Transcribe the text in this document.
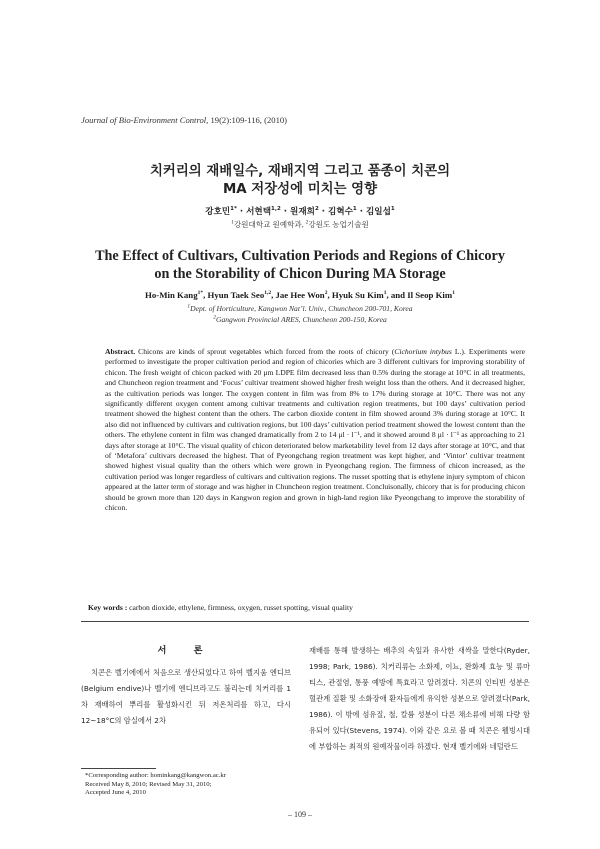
Journal of Bio-Environment Control, 19(2):109-116, (2010)
치커리의 재배일수, 재배지역 그리고 품종이 치콘의
MA 저장성에 미치는 영향
강호민$^{1*}$ · 서현택$^{1,2}$ · 원재희$^2$ · 김혁수$^1$ · 김일섭$^1$
$^1$강원대학교 원예학과, $^2$강원도 농업기술원
The Effect of Cultivars, Cultivation Periods and Regions of Chicory
on the Storability of Chicon During MA Storage
Ho-Min Kang$^{1*}$, Hyun Taek Seo$^{1,2}$, Jae Hee Won$^2$, Hyuk Su Kim$^1$, and Il Seop Kim$^1$
$^1$Dept. of Horticulture, Kangwon Nat’l. Univ., Chuncheon 200-701, Korea
$^2$Gangwon Provincial ARES, Chuncheon 200-150, Korea
Abstract. Chicons are kinds of sprout vegetables which forced from the roots of chicory (Cichorium intybus L.). Experiments were performed to investigate the proper cultivation period and region of chicories which are 3 different cultivars for improving storability of chicon. The fresh weight of chicon packed with 20 μm LDPE film decreased less than 0.5% during the storage at 10°C in all treatments, and Chuncheon region treatment and ‘Focus’ cultivar treatment showed higher fresh weight loss than the others. And it decreased higher, as the cultivation periods was longer. The oxygen content in film was from 8% to 17% during storage at 10°C. There was not any significantly different oxygen content among cultivar treatments and cultivation region treatments, but 100 days’ cultivation period treatment showed the highest content than the others. The carbon dioxide content in film showed around 3% during storage at 10°C. It also did not influenced by cultivars and cultivation regions, but 100 days’ cultivation period treatment showed the lowest content than the others. The ethylene content in film was changed dramatically from 2 to 14 μl · l⁻¹, and it showed around 8 μl · l⁻¹ as approaching to 21 days after storage at 10°C. The visual quality of chicon deteriorated below marketability level from 12 days after storage at 10°C, and that of ‘Metafora’ cultivars decreased the highest. That of Pyeongchang region treatment was kept higher, and ‘Vintor’ cultivar treatment showed highest visual quality than the others which were grown in Pyeongchang region. The firmness of chicon increased, as the cultivation period was longer regardless of cultivars and cultivation regions. The russet spotting that is ethylene injury symptom of chicon appeared at the latter term of storage and was higher in Chuncheon region treatment. Concluisonally, chicory that is for producing chicon should be grown more than 120 days in Kangwon region and grown in high-land region like Pyeongchang to improve the storability of chicon.
Key words : carbon dioxide, ethylene, firmness, oxygen, russet spotting, visual quality
서 론
치콘은 벨기에에서 처음으로 생산되었다고 하여 벨지움 엔디브(Belgium endive)나 벨기에 엔디브라고도 불리는데 치커리를 1차 재배하여 뿌리를 활성화시킨 뒤 저온처리를 하고, 다시 12~18°C의 암실에서 2차
재배를 통해 발생하는 배추의 속잎과 유사한 새싹을 말한다(Ryder, 1998; Park, 1986). 치커리류는 소화제, 이뇨, 완화제 효능 및 류마티스, 관절염, 통풍 예방에 특효라고 알려졌다. 치콘의 인티빈 성분은 혈관계 질환 및 소화장애 환자들에게 유익한 성분으로 알려졌다(Park, 1986). 이 밖에 섬유질, 철, 칼륨 성분이 다른 채소류에 비해 다량 함유되어 있다(Stevens, 1974). 이와 같은 요로 볼 때 치콘은 웰빙시대에 부합하는 최적의 원예작물이라 하겠다. 현재 벨기에와 네덜란드
*Corresponding author: hominkang@kangwon.ac.kr
Received May 8, 2010; Revised May 31, 2010;
Accepted June 4, 2010
– 109 –
